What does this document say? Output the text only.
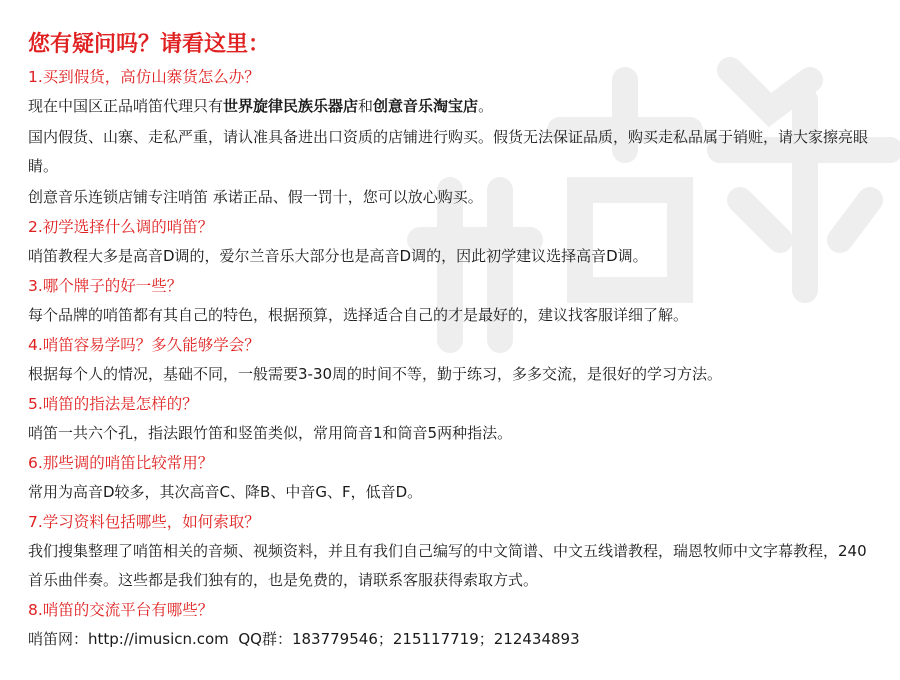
您有疑问吗？请看这里：
1.买到假货，高仿山寨货怎么办？
现在中国区正品哨笛代理只有世界旋律民族乐器店和创意音乐淘宝店。
国内假货、山寨、走私严重，请认准具备进出口资质的店铺进行购买。假货无法保证品质，购买走私品属于销赃，请大家擦亮眼睛。
创意音乐连锁店铺专注哨笛 承诺正品、假一罚十，您可以放心购买。
2.初学选择什么调的哨笛？
哨笛教程大多是高音D调的，爱尔兰音乐大部分也是高音D调的，因此初学建议选择高音D调。
3.哪个牌子的好一些？
每个品牌的哨笛都有其自己的特色，根据预算，选择适合自己的才是最好的，建议找客服详细了解。
4.哨笛容易学吗？多久能够学会？
根据每个人的情况，基础不同，一般需要3-30周的时间不等，勤于练习，多多交流，是很好的学习方法。
5.哨笛的指法是怎样的？
哨笛一共六个孔，指法跟竹笛和竖笛类似，常用筒音1和筒音5两种指法。
6.那些调的哨笛比较常用？
常用为高音D较多，其次高音C、降B、中音G、F，低音D。
7.学习资料包括哪些，如何索取？
我们搜集整理了哨笛相关的音频、视频资料，并且有我们自己编写的中文简谱、中文五线谱教程，瑞恩牧师中文字幕教程，240首乐曲伴奏。这些都是我们独有的，也是免费的，请联系客服获得索取方式。
8.哨笛的交流平台有哪些？
哨笛网：http://imusicn.com QQ群：183779546；215117719；212434893
